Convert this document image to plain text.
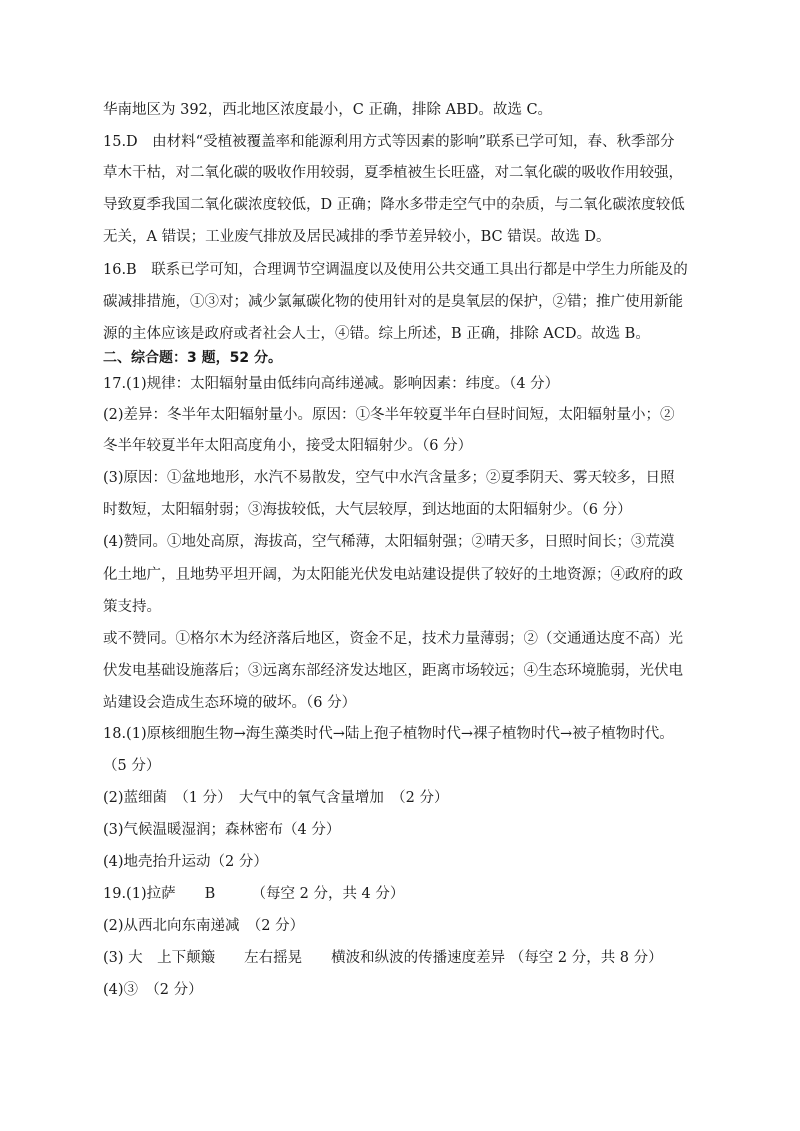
华南地区为 392，西北地区浓度最小，C 正确，排除 ABD。故选 C。
15.D　由材料“受植被覆盖率和能源利用方式等因素的影响”联系已学可知，春、秋季部分
草木干枯，对二氧化碳的吸收作用较弱，夏季植被生长旺盛，对二氧化碳的吸收作用较强，
导致夏季我国二氧化碳浓度较低，D 正确；降水多带走空气中的杂质，与二氧化碳浓度较低
无关，A 错误；工业废气排放及居民减排的季节差异较小，BC 错误。故选 D。
16.B　联系已学可知，合理调节空调温度以及使用公共交通工具出行都是中学生力所能及的
碳减排措施，①③对；减少氯氟碳化物的使用针对的是臭氧层的保护，②错；推广使用新能
源的主体应该是政府或者社会人士，④错。综上所述，B 正确，排除 ACD。故选 B。
二、综合题：3 题，52 分。
17.(1)规律：太阳辐射量由低纬向高纬递减。影响因素：纬度。（4 分）
(2)差异：冬半年太阳辐射量小。原因：①冬半年较夏半年白昼时间短，太阳辐射量小；②
冬半年较夏半年太阳高度角小，接受太阳辐射少。（6 分）
(3)原因：①盆地地形，水汽不易散发，空气中水汽含量多；②夏季阴天、雾天较多，日照
时数短，太阳辐射弱；③海拔较低，大气层较厚，到达地面的太阳辐射少。（6 分）
(4)赞同。①地处高原，海拔高，空气稀薄，太阳辐射强；②晴天多，日照时间长；③荒漠
化土地广，且地势平坦开阔，为太阳能光伏发电站建设提供了较好的土地资源；④政府的政
策支持。
或不赞同。①格尔木为经济落后地区，资金不足，技术力量薄弱；②（交通通达度不高）光
伏发电基础设施落后；③远离东部经济发达地区，距离市场较远；④生态环境脆弱，光伏电
站建设会造成生态环境的破坏。（6 分）
18.(1)原核细胞生物→海生藻类时代→陆上孢子植物时代→裸子植物时代→被子植物时代。
（5 分）
(2)蓝细菌　（1 分）　大气中的氧气含量增加　（2 分）
(3)气候温暖湿润；森林密布（4 分）
(4)地壳抬升运动（2 分）
19.(1)拉萨　　B　　　（每空 2 分，共 4 分）
(2)从西北向东南递减　（2 分）
(3) 大　上下颠簸　　左右摇晃　　横波和纵波的传播速度差异 （每空 2 分，共 8 分）
(4)③　（2 分）
